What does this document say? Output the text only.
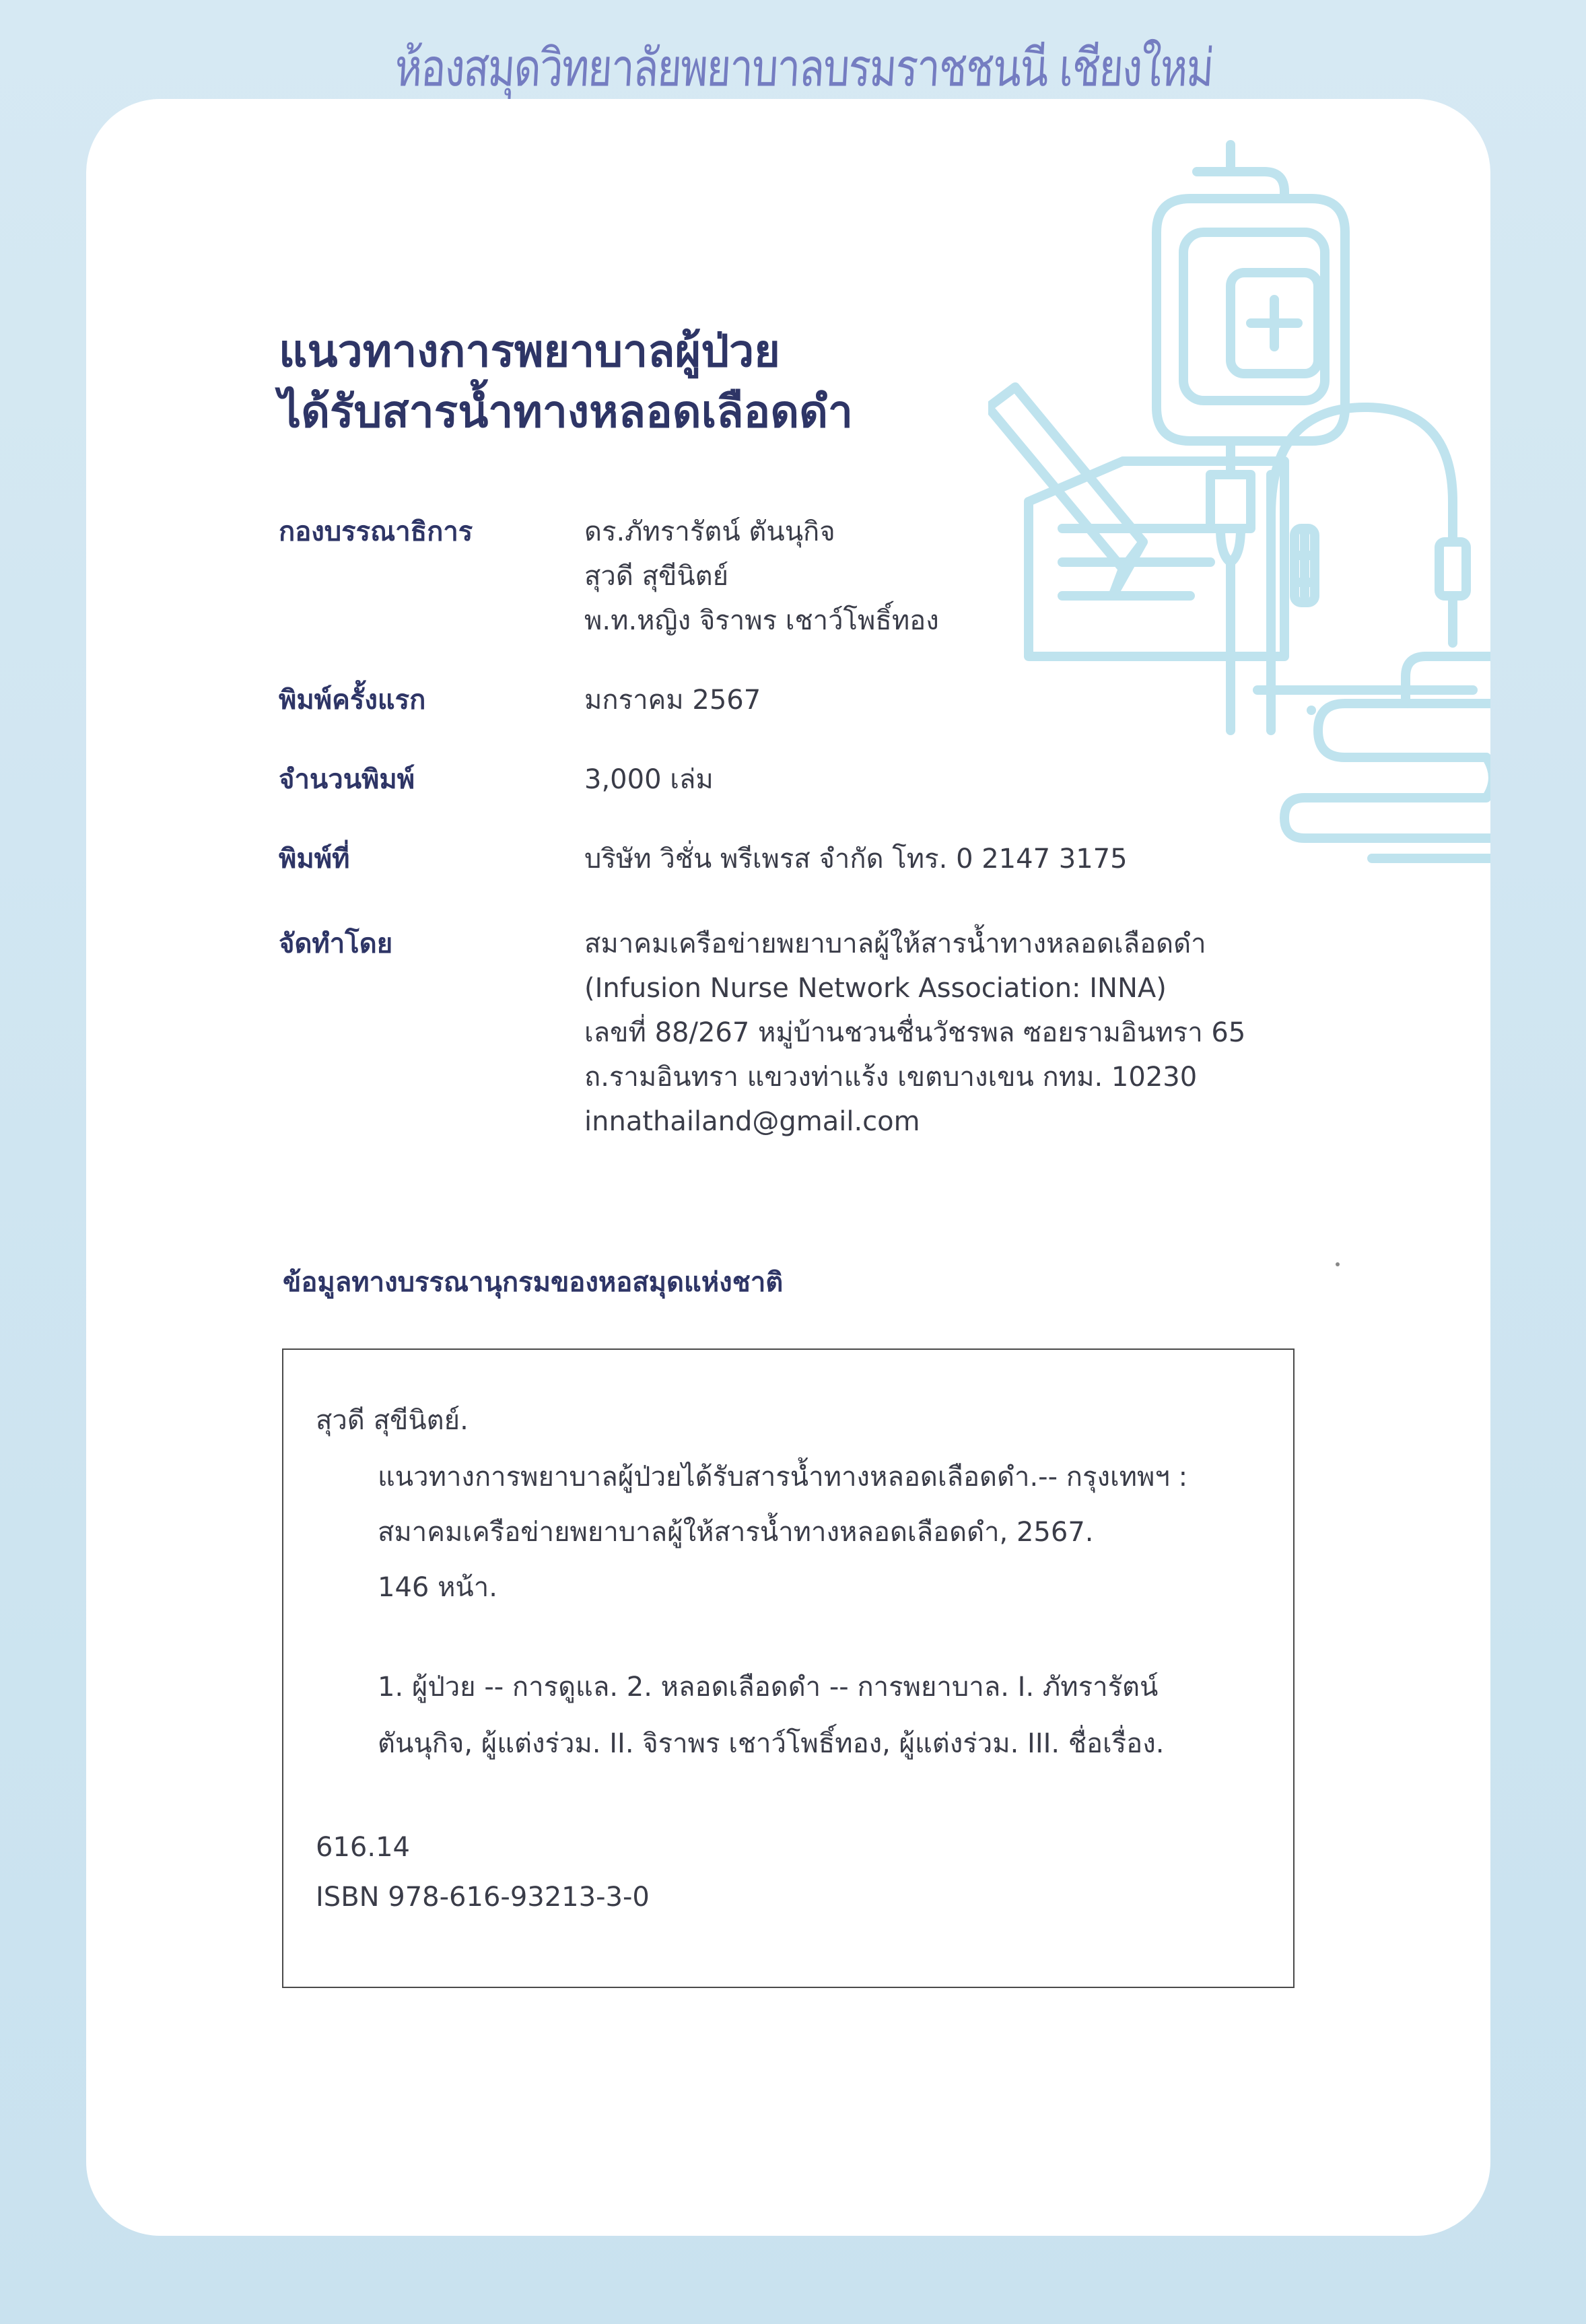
ห้องสมุดวิทยาลัยพยาบาลบรมราชชนนี เชียงใหม่
แนวทางการพยาบาลผู้ป่วย
ได้รับสารน้ำทางหลอดเลือดดำ
กองบรรณาธิการ	ดร.ภัทรารัตน์ ตันนุกิจ
สุวดี สุขีนิตย์
พ.ท.หญิง จิราพร เชาว์โพธิ์ทอง
พิมพ์ครั้งแรก	มกราคม 2567
จำนวนพิมพ์	3,000 เล่ม
พิมพ์ที่	บริษัท วิชั่น พรีเพรส จำกัด โทร. 0 2147 3175
จัดทำโดย	สมาคมเครือข่ายพยาบาลผู้ให้สารน้ำทางหลอดเลือดดำ
(Infusion Nurse Network Association: INNA)
เลขที่ 88/267 หมู่บ้านชวนชื่นวัชรพล ซอยรามอินทรา 65
ถ.รามอินทรา แขวงท่าแร้ง เขตบางเขน กทม. 10230
innathailand@gmail.com
ข้อมูลทางบรรณานุกรมของหอสมุดแห่งชาติ
สุวดี สุขีนิตย์.
แนวทางการพยาบาลผู้ป่วยได้รับสารน้ำทางหลอดเลือดดำ.-- กรุงเทพฯ :
สมาคมเครือข่ายพยาบาลผู้ให้สารน้ำทางหลอดเลือดดำ, 2567.
146 หน้า.
1. ผู้ป่วย -- การดูแล. 2. หลอดเลือดดำ -- การพยาบาล. I. ภัทรารัตน์
ตันนุกิจ, ผู้แต่งร่วม. II. จิราพร เชาว์โพธิ์ทอง, ผู้แต่งร่วม. III. ชื่อเรื่อง.
616.14
ISBN 978-616-93213-3-0
